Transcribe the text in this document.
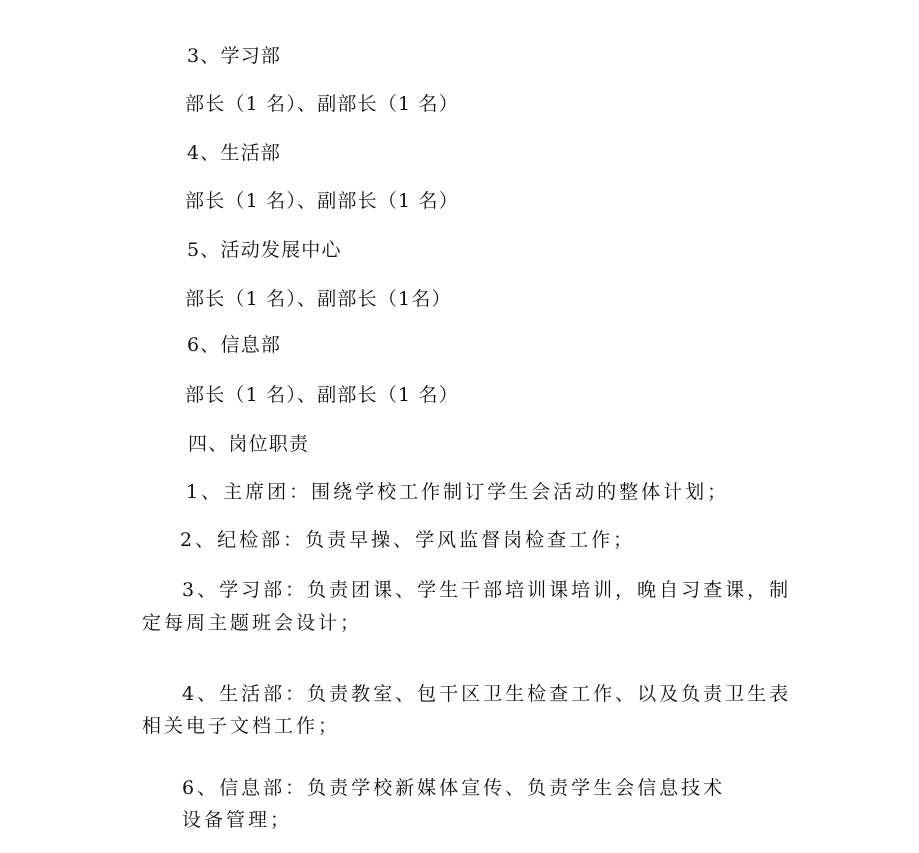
3、学习部
部长（1 名）、副部长（1 名）
4、生活部
部长（1 名）、副部长（1 名）
5、活动发展中心
部长（1 名）、副部长（1名）
6、信息部
部长（1 名）、副部长（1 名）
四、岗位职责
1、主席团：围绕学校工作制订学生会活动的整体计划；
2、纪检部：负责早操、学风监督岗检查工作；
3、学习部：负责团课、学生干部培训课培训，晚自习查课，制
定每周主题班会设计；
4、生活部：负责教室、包干区卫生检查工作、以及负责卫生表
相关电子文档工作；
6、信息部：负责学校新媒体宣传、负责学生会信息技术
设备管理；
